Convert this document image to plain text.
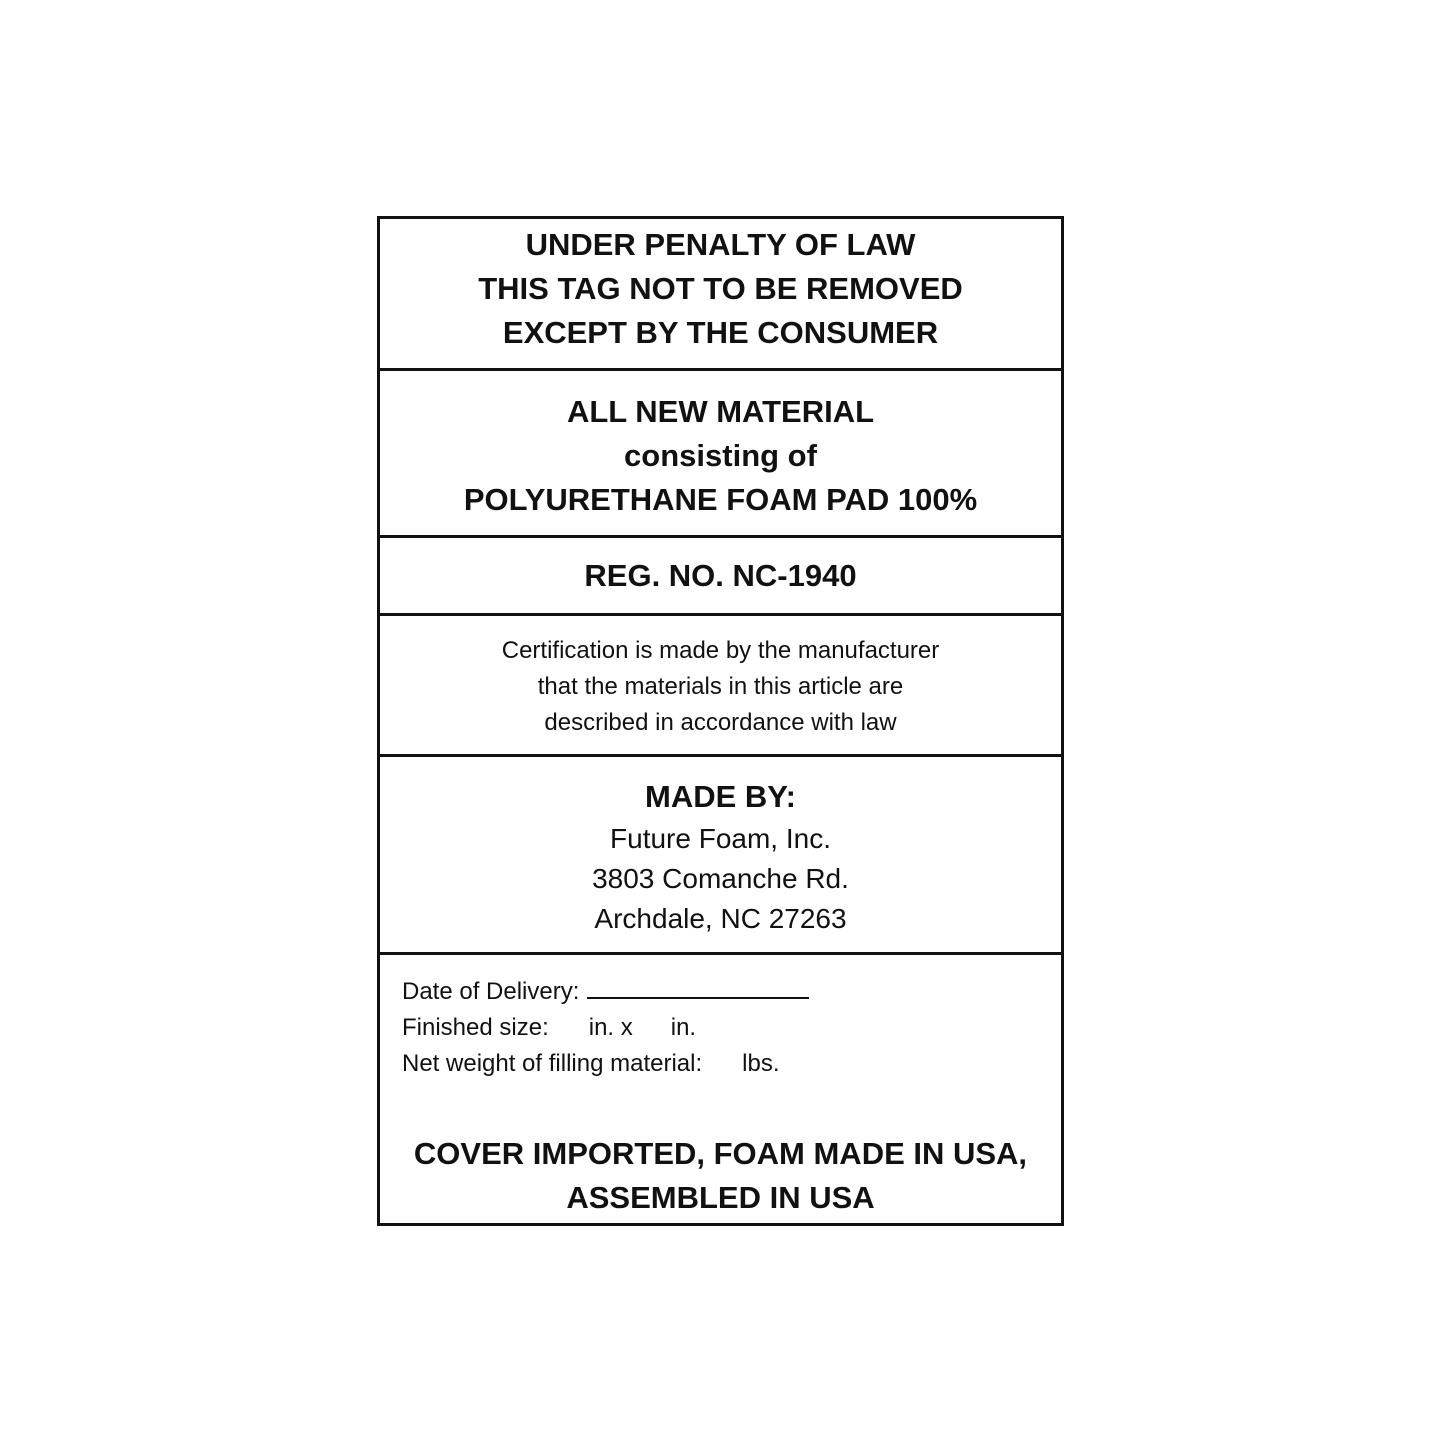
UNDER PENALTY OF LAW
THIS TAG NOT TO BE REMOVED
EXCEPT BY THE CONSUMER

ALL NEW MATERIAL
consisting of
POLYURETHANE FOAM PAD 100%

REG. NO. NC-1940

Certification is made by the manufacturer
that the materials in this article are
described in accordance with law

MADE BY:

Future Foam, Inc.
3803 Comanche Rd.
Archdale, NC 27263

Date of Delivery:
Finished size: in. x in.
Net weight of filling material: lbs.

COVER IMPORTED, FOAM MADE IN USA,
ASSEMBLED IN USA
